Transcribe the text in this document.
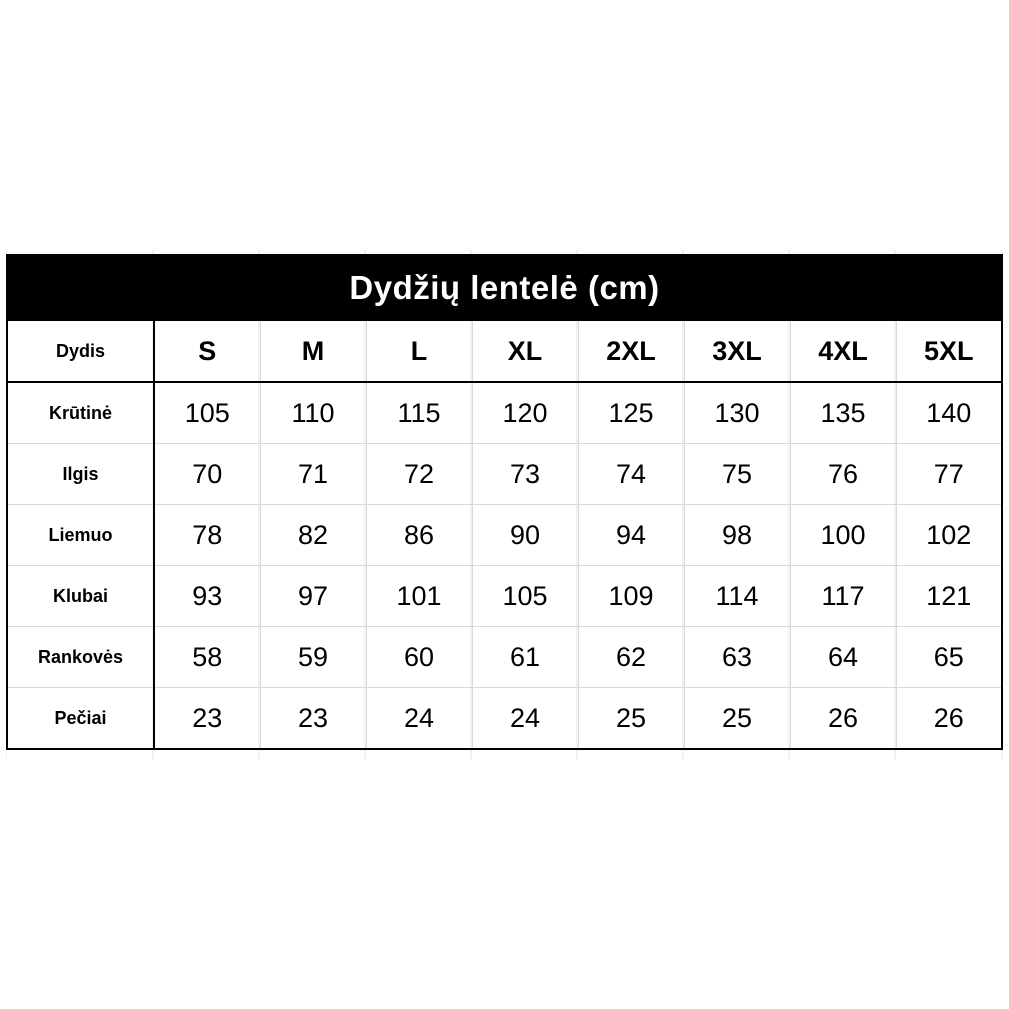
Dydžių lentelė (cm)								
Dydis	S	M	L	XL	2XL	3XL	4XL	5XL
Krūtinė	105	110	115	120	125	130	135	140
Ilgis	70	71	72	73	74	75	76	77
Liemuo	78	82	86	90	94	98	100	102
Klubai	93	97	101	105	109	114	117	121
Rankovės	58	59	60	61	62	63	64	65
Pečiai	23	23	24	24	25	25	26	26
